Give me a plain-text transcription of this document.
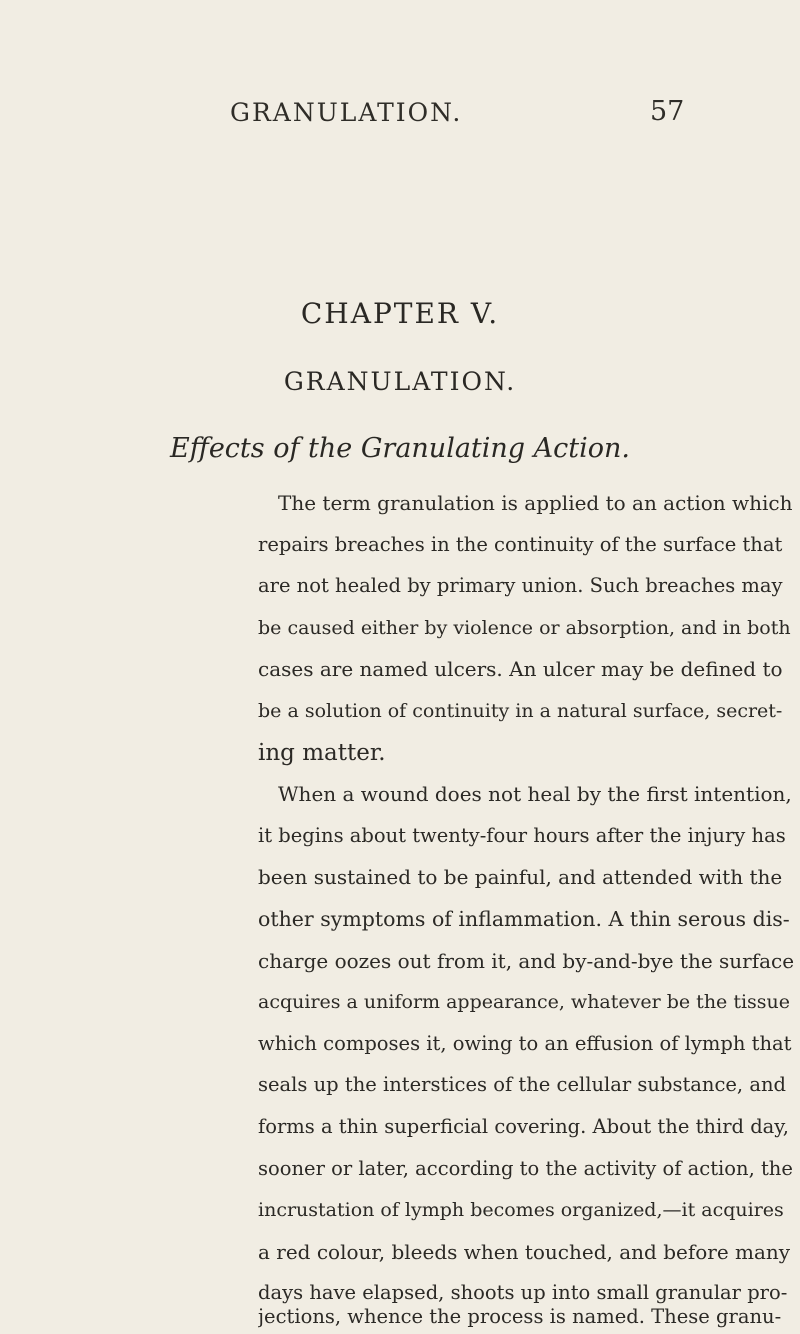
GRANULATION.	57
CHAPTER V.
GRANULATION.
Effects of the Granulating Action.
The term granulation is applied to an action which
repairs breaches in the continuity of the surface that
are not healed by primary union. Such breaches may
be caused either by violence or absorption, and in both
cases are named ulcers. An ulcer may be defined to
be a solution of continuity in a natural surface, secret-
ing matter.
When a wound does not heal by the first intention,
it begins about twenty-four hours after the injury has
been sustained to be painful, and attended with the
other symptoms of inflammation. A thin serous dis-
charge oozes out from it, and by-and-bye the surface
acquires a uniform appearance, whatever be the tissue
which composes it, owing to an effusion of lymph that
seals up the interstices of the cellular substance, and
forms a thin superficial covering. About the third day,
sooner or later, according to the activity of action, the
incrustation of lymph becomes organized,—it acquires
a red colour, bleeds when touched, and before many
days have elapsed, shoots up into small granular pro-
jections, whence the process is named. These granu-
